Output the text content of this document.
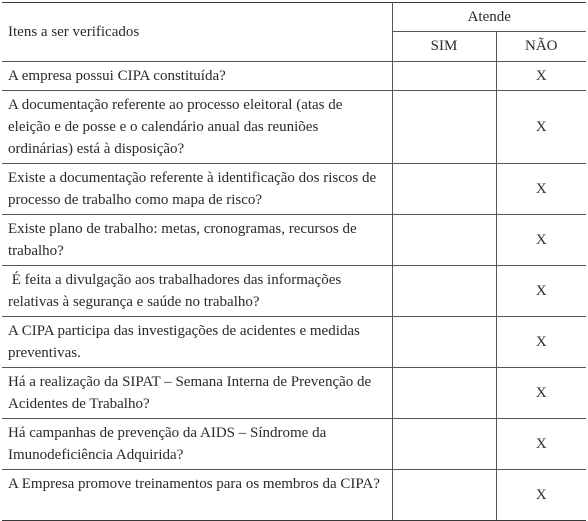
Itens a ser verificados	Atende	
	SIM	NÃO
A empresa possui CIPA constituída?		X
A documentação referente ao processo eleitoral (atas de eleição e de posse e o calendário anual das reuniões ordinárias) está à disposição?		X
Existe a documentação referente à identificação dos riscos de processo de trabalho como mapa de risco?		X
Existe plano de trabalho: metas, cronogramas, recursos de trabalho?		X
É feita a divulgação aos trabalhadores das informações relativas à segurança e saúde no trabalho?		X
A CIPA participa das investigações de acidentes e medidas preventivas.		X
Há a realização da SIPAT – Semana Interna de Prevenção de Acidentes de Trabalho?		X
Há campanhas de prevenção da AIDS – Síndrome da Imunodeficiência Adquirida?		X
A Empresa promove treinamentos para os membros da CIPA?		X
